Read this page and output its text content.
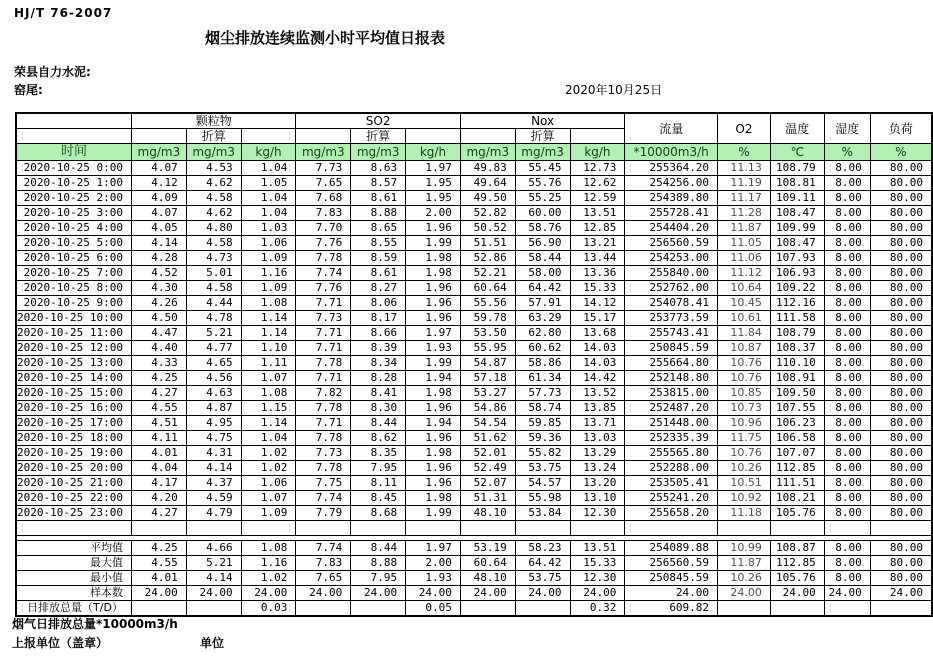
HJ/T 76-2007
烟尘排放连续监测小时平均值日报表
荣县自力水泥:
窑尾:	2020年10月25日
	颗粒物			SO2			Nox			流量	O2	温度	湿度	负荷
		折算			折算			折算						
时间	mg/m3	mg/m3	kg/h	mg/m3	mg/m3	kg/h	mg/m3	mg/m3	kg/h	*10000m3/h	%	℃	%	%
2020-10-25 0:00	4.07	4.53	1.04	7.73	8.63	1.97	49.83	55.45	12.73	255364.20	11.13	108.79	8.00	80.00
2020-10-25 1:00	4.12	4.62	1.05	7.65	8.57	1.95	49.64	55.76	12.62	254256.00	11.19	108.81	8.00	80.00
2020-10-25 2:00	4.09	4.58	1.04	7.68	8.61	1.95	49.50	55.25	12.59	254389.80	11.17	109.11	8.00	80.00
2020-10-25 3:00	4.07	4.62	1.04	7.83	8.88	2.00	52.82	60.00	13.51	255728.41	11.28	108.47	8.00	80.00
2020-10-25 4:00	4.05	4.80	1.03	7.70	8.65	1.96	50.52	58.76	12.85	254404.20	11.87	109.99	8.00	80.00
2020-10-25 5:00	4.14	4.58	1.06	7.76	8.55	1.99	51.51	56.90	13.21	256560.59	11.05	108.47	8.00	80.00
2020-10-25 6:00	4.28	4.73	1.09	7.78	8.59	1.98	52.86	58.44	13.44	254253.00	11.06	107.93	8.00	80.00
2020-10-25 7:00	4.52	5.01	1.16	7.74	8.61	1.98	52.21	58.00	13.36	255840.00	11.12	106.93	8.00	80.00
2020-10-25 8:00	4.30	4.58	1.09	7.76	8.27	1.96	60.64	64.42	15.33	252762.00	10.64	109.22	8.00	80.00
2020-10-25 9:00	4.26	4.44	1.08	7.71	8.06	1.96	55.56	57.91	14.12	254078.41	10.45	112.16	8.00	80.00
2020-10-25 10:00	4.50	4.78	1.14	7.73	8.17	1.96	59.78	63.29	15.17	253773.59	10.61	111.58	8.00	80.00
2020-10-25 11:00	4.47	5.21	1.14	7.71	8.66	1.97	53.50	62.80	13.68	255743.41	11.84	108.79	8.00	80.00
2020-10-25 12:00	4.40	4.77	1.10	7.71	8.39	1.93	55.95	60.62	14.03	250845.59	10.87	108.37	8.00	80.00
2020-10-25 13:00	4.33	4.65	1.11	7.78	8.34	1.99	54.87	58.86	14.03	255664.80	10.76	110.10	8.00	80.00
2020-10-25 14:00	4.25	4.56	1.07	7.71	8.28	1.94	57.18	61.34	14.42	252148.80	10.76	108.91	8.00	80.00
2020-10-25 15:00	4.27	4.63	1.08	7.82	8.41	1.98	53.27	57.73	13.52	253815.00	10.85	109.50	8.00	80.00
2020-10-25 16:00	4.55	4.87	1.15	7.78	8.30	1.96	54.86	58.74	13.85	252487.20	10.73	107.55	8.00	80.00
2020-10-25 17:00	4.51	4.95	1.14	7.71	8.44	1.94	54.54	59.85	13.71	251448.00	10.96	106.23	8.00	80.00
2020-10-25 18:00	4.11	4.75	1.04	7.78	8.62	1.96	51.62	59.36	13.03	252335.39	11.75	106.58	8.00	80.00
2020-10-25 19:00	4.01	4.31	1.02	7.73	8.35	1.98	52.01	55.82	13.29	255565.80	10.76	107.07	8.00	80.00
2020-10-25 20:00	4.04	4.14	1.02	7.78	7.95	1.96	52.49	53.75	13.24	252288.00	10.26	112.85	8.00	80.00
2020-10-25 21:00	4.17	4.37	1.06	7.75	8.11	1.96	52.07	54.57	13.20	253505.41	10.51	111.51	8.00	80.00
2020-10-25 22:00	4.20	4.59	1.07	7.74	8.45	1.98	51.31	55.98	13.10	255241.20	10.92	108.21	8.00	80.00
2020-10-25 23:00	4.27	4.79	1.09	7.79	8.68	1.99	48.10	53.84	12.30	255658.20	11.18	105.76	8.00	80.00

平均值	4.25	4.66	1.08	7.74	8.44	1.97	53.19	58.23	13.51	254089.88	10.99	108.87	8.00	80.00
最大值	4.55	5.21	1.16	7.83	8.88	2.00	60.64	64.42	15.33	256560.59	11.87	112.85	8.00	80.00
最小值	4.01	4.14	1.02	7.65	7.95	1.93	48.10	53.75	12.30	250845.59	10.26	105.76	8.00	80.00
样本数	24.00	24.00	24.00	24.00	24.00	24.00	24.00	24.00	24.00	24.00	24.00	24.00	24.00	24.00
日排放总量（T/D）			0.03			0.05			0.32	609.82				
烟气日排放总量*10000m3/h
上报单位（盖章）	单位
